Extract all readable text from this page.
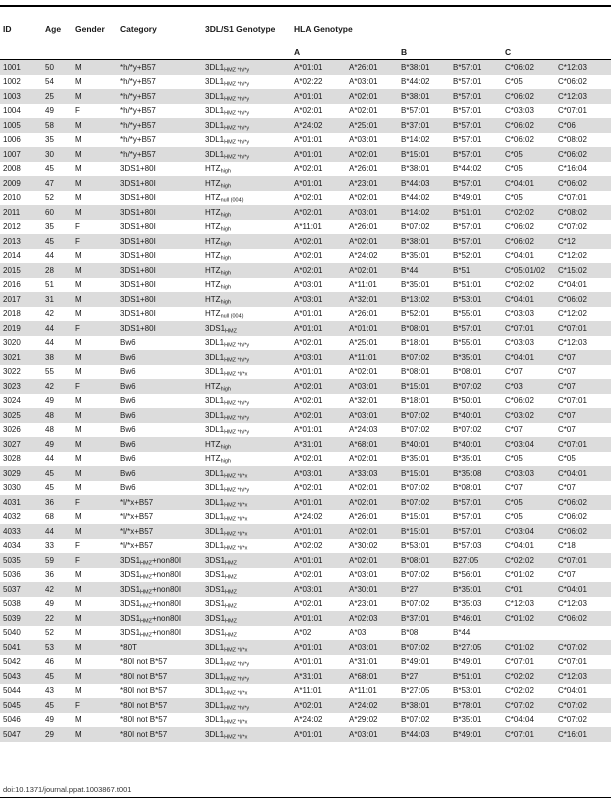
ID	Age	Gender	Category	3DL/S1 Genotype	HLA Genotype					
					A		B		C	
1001	50	M	*h/*y+B57	$3DL1_{HMZ *h/*y}$	A*01:01	A*26:01	B*38:01	B*57:01	C*06:02	C*12:03
1002	54	M	*h/*y+B57	$3DL1_{HMZ *h/*y}$	A*02:22	A*03:01	B*44:02	B*57:01	C*05	C*06:02
1003	25	M	*h/*y+B57	$3DL1_{HMZ *h/*y}$	A*01:01	A*02:01	B*38:01	B*57:01	C*06:02	C*12:03
1004	49	F	*h/*y+B57	$3DL1_{HMZ *h/*y}$	A*02:01	A*02:01	B*57:01	B*57:01	C*03:03	C*07:01
1005	58	M	*h/*y+B57	$3DL1_{HMZ *h/*y}$	A*24:02	A*25:01	B*37:01	B*57:01	C*06:02	C*06
1006	35	M	*h/*y+B57	$3DL1_{HMZ *h/*y}$	A*01:01	A*03:01	B*14:02	B*57:01	C*06:02	C*08:02
1007	30	M	*h/*y+B57	$3DL1_{HMZ *h/*y}$	A*01:01	A*02:01	B*15:01	B*57:01	C*05	C*06:02
2008	45	M	3DS1+80I	$HTZ_{high}$	A*02:01	A*26:01	B*38:01	B*44:02	C*05	C*16:04
2009	47	M	3DS1+80I	$HTZ_{high}$	A*01:01	A*23:01	B*44:03	B*57:01	C*04:01	C*06:02
2010	52	M	3DS1+80I	$HTZ_{null (004)}$	A*02:01	A*02:01	B*44:02	B*49:01	C*05	C*07:01
2011	60	M	3DS1+80I	$HTZ_{high}$	A*02:01	A*03:01	B*14:02	B*51:01	C*02:02	C*08:02
2012	35	F	3DS1+80I	$HTZ_{high}$	A*11:01	A*26:01	B*07:02	B*57:01	C*06:02	C*07:02
2013	45	F	3DS1+80I	$HTZ_{high}$	A*02:01	A*02:01	B*38:01	B*57:01	C*06:02	C*12
2014	44	M	3DS1+80I	$HTZ_{high}$	A*02:01	A*24:02	B*35:01	B*52:01	C*04:01	C*12:02
2015	28	M	3DS1+80I	$HTZ_{high}$	A*02:01	A*02:01	B*44	B*51	C*05:01/02	C*15:02
2016	51	M	3DS1+80I	$HTZ_{high}$	A*03:01	A*11:01	B*35:01	B*51:01	C*02:02	C*04:01
2017	31	M	3DS1+80I	$HTZ_{high}$	A*03:01	A*32:01	B*13:02	B*53:01	C*04:01	C*06:02
2018	42	M	3DS1+80I	$HTZ_{null (004)}$	A*01:01	A*26:01	B*52:01	B*55:01	C*03:03	C*12:02
2019	44	F	3DS1+80I	$3DS1_{HMZ}$	A*01:01	A*01:01	B*08:01	B*57:01	C*07:01	C*07:01
3020	44	M	Bw6	$3DL1_{HMZ *h/*y}$	A*02:01	A*25:01	B*18:01	B*55:01	C*03:03	C*12:03
3021	38	M	Bw6	$3DL1_{HMZ *h/*y}$	A*03:01	A*11:01	B*07:02	B*35:01	C*04:01	C*07
3022	55	M	Bw6	$3DL1_{HMZ *l/*x}$	A*01:01	A*02:01	B*08:01	B*08:01	C*07	C*07
3023	42	F	Bw6	$HTZ_{high}$	A*02:01	A*03:01	B*15:01	B*07:02	C*03	C*07
3024	49	M	Bw6	$3DL1_{HMZ *h/*y}$	A*02:01	A*32:01	B*18:01	B*50:01	C*06:02	C*07:01
3025	48	M	Bw6	$3DL1_{HMZ *h/*y}$	A*02:01	A*03:01	B*07:02	B*40:01	C*03:02	C*07
3026	48	M	Bw6	$3DL1_{HMZ *h/*y}$	A*01:01	A*24:03	B*07:02	B*07:02	C*07	C*07
3027	49	M	Bw6	$HTZ_{high}$	A*31:01	A*68:01	B*40:01	B*40:01	C*03:04	C*07:01
3028	44	M	Bw6	$HTZ_{high}$	A*02:01	A*02:01	B*35:01	B*35:01	C*05	C*05
3029	45	M	Bw6	$3DL1_{HMZ *l/*x}$	A*03:01	A*33:03	B*15:01	B*35:08	C*03:03	C*04:01
3030	45	M	Bw6	$3DL1_{HMZ *h/*y}$	A*02:01	A*02:01	B*07:02	B*08:01	C*07	C*07
4031	36	F	*l/*x+B57	$3DL1_{HMZ *l/*x}$	A*01:01	A*02:01	B*07:02	B*57:01	C*05	C*06:02
4032	68	M	*l/*x+B57	$3DL1_{HMZ *l/*x}$	A*24:02	A*26:01	B*15:01	B*57:01	C*05	C*06:02
4033	44	M	*l/*x+B57	$3DL1_{HMZ *l/*x}$	A*01:01	A*02:01	B*15:01	B*57:01	C*03:04	C*06:02
4034	33	F	*l/*x+B57	$3DL1_{HMZ *l/*x}$	A*02:02	A*30:02	B*53:01	B*57:03	C*04:01	C*18
5035	59	F	$3DS1_{HMZ}+non80I$	$3DS1_{HMZ}$	A*01:01	A*02:01	B*08:01	B27:05	C*02:02	C*07:01
5036	36	M	$3DS1_{HMZ}+non80I$	$3DS1_{HMZ}$	A*02:01	A*03:01	B*07:02	B*56:01	C*01:02	C*07
5037	42	M	$3DS1_{HMZ}+non80I$	$3DS1_{HMZ}$	A*03:01	A*30:01	B*27	B*35:01	C*01	C*04:01
5038	49	M	$3DS1_{HMZ}+non80I$	$3DS1_{HMZ}$	A*02:01	A*23:01	B*07:02	B*35:03	C*12:03	C*12:03
5039	22	M	$3DS1_{HMZ}+non80I$	$3DS1_{HMZ}$	A*01:01	A*02:03	B*37:01	B*46:01	C*01:02	C*06:02
5040	52	M	$3DS1_{HMZ}+non80I$	$3DS1_{HMZ}$	A*02	A*03	B*08	B*44		
5041	53	M	*80T	$3DL1_{HMZ *l/*x}$	A*01:01	A*03:01	B*07:02	B*27:05	C*01:02	C*07:02
5042	46	M	*80I not B*57	$3DL1_{HMZ *h/*y}$	A*01:01	A*31:01	B*49:01	B*49:01	C*07:01	C*07:01
5043	45	M	*80I not B*57	$3DL1_{HMZ *h/*y}$	A*31:01	A*68:01	B*27	B*51:01	C*02:02	C*12:03
5044	43	M	*80I not B*57	$3DL1_{HMZ *l/*x}$	A*11:01	A*11:01	B*27:05	B*53:01	C*02:02	C*04:01
5045	45	F	*80I not B*57	$3DL1_{HMZ *h/*y}$	A*02:01	A*24:02	B*38:01	B*78:01	C*07:02	C*07:02
5046	49	M	*80I not B*57	$3DL1_{HMZ *l/*x}$	A*24:02	A*29:02	B*07:02	B*35:01	C*04:04	C*07:02
5047	29	M	*80I not B*57	$3DL1_{HMZ *l/*x}$	A*01:01	A*03:01	B*44:03	B*49:01	C*07:01	C*16:01
doi:10.1371/journal.ppat.1003867.t001
